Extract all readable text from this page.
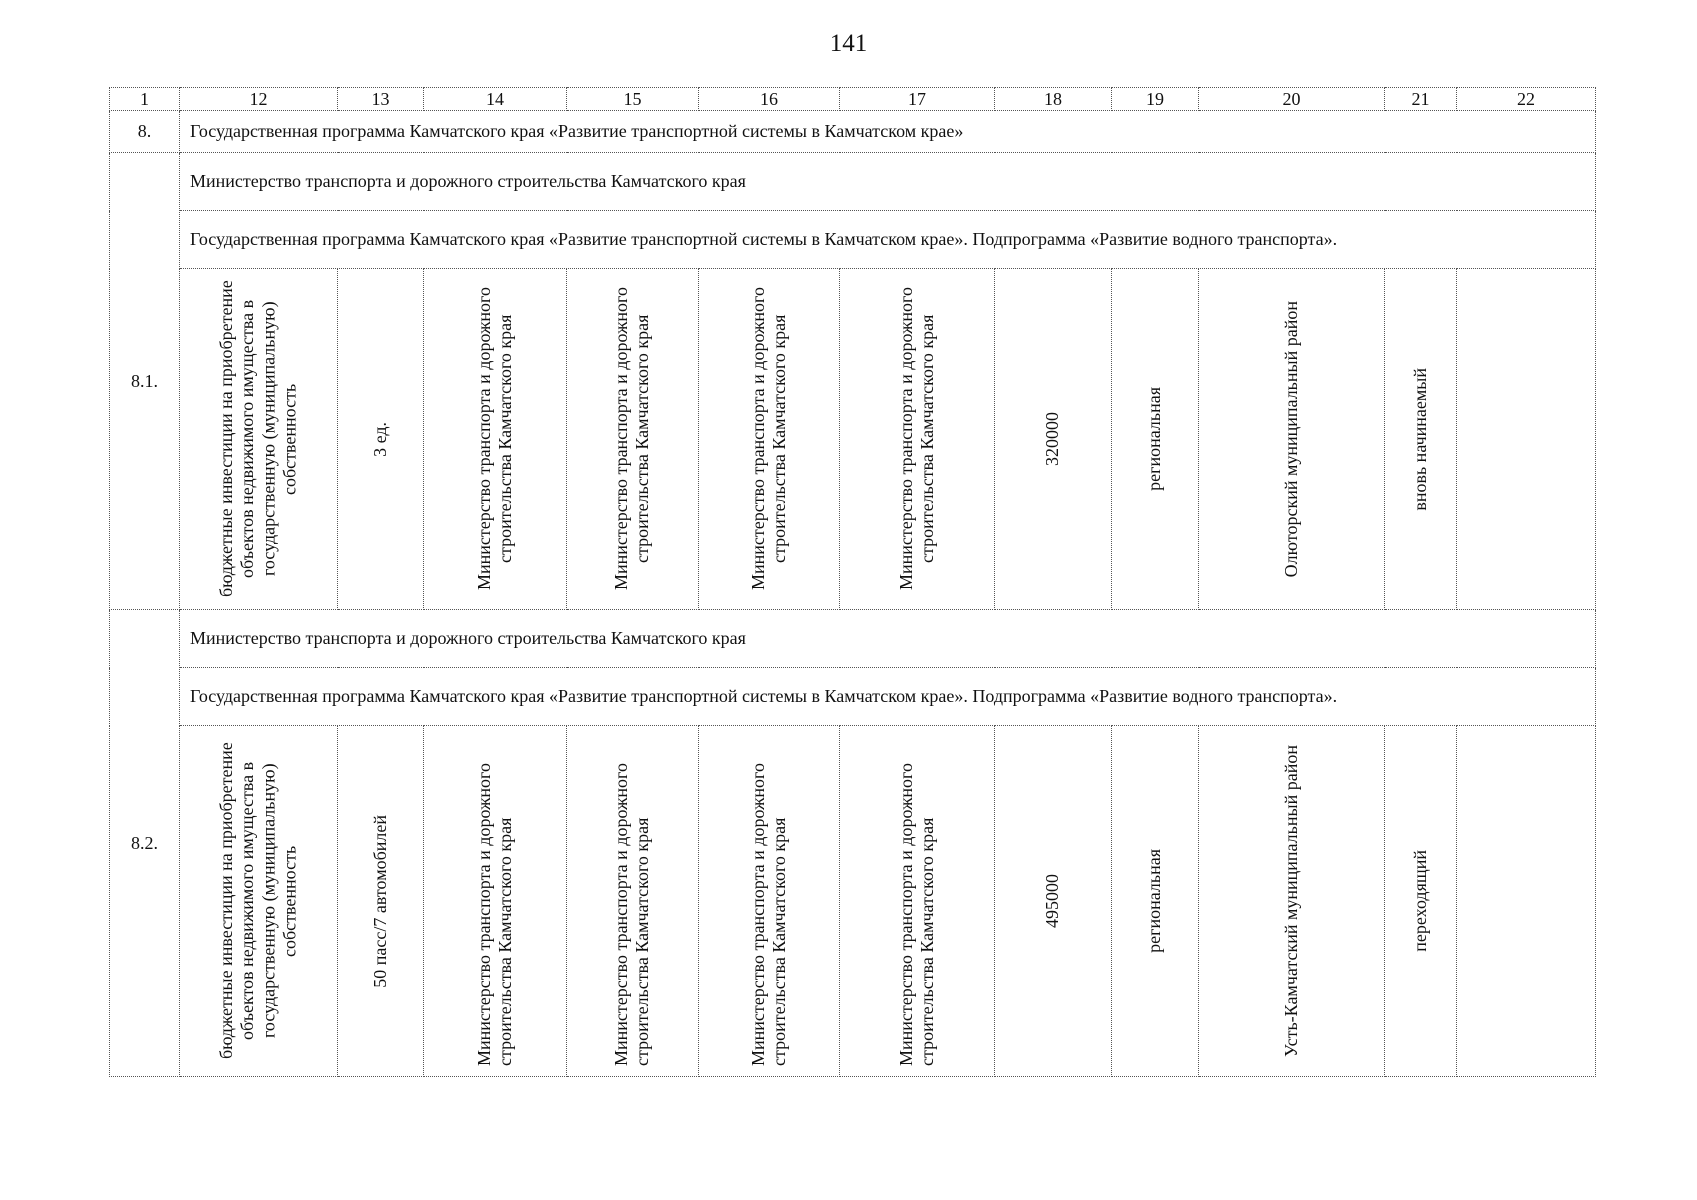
141
1	12	13	14	15	16	17	18	19	20	21	22
8.	Государственная программа Камчатского края «Развитие транспортной системы в Камчатском крае»										
8.1.	Министерство транспорта и дорожного строительства Камчатского края										
	Государственная программа Камчатского края «Развитие транспортной системы в Камчатском крае». Подпрограмма «Развитие водного транспорта».										

	бюджетные инвестиции на приобретение объектов недвижимого имущества в государственную (муниципальную) собственность	3 ед.	Министерство транспорта и дорожного строительства Камчатского края	Министерство транспорта и дорожного строительства Камчатского края	Министерство транспорта и дорожного строительства Камчатского края	Министерство транспорта и дорожного строительства Камчатского края	320000	региональная	Олюторский муниципальный район	вновь начинаемый	

8.2.	Министерство транспорта и дорожного строительства Камчатского края										
	Государственная программа Камчатского края «Развитие транспортной системы в Камчатском крае». Подпрограмма «Развитие водного транспорта».										

	бюджетные инвестиции на приобретение объектов недвижимого имущества в государственную (муниципальную) собственность	50 пасс/7 автомобилей	Министерство транспорта и дорожного строительства Камчатского края	Министерство транспорта и дорожного строительства Камчатского края	Министерство транспорта и дорожного строительства Камчатского края	Министерство транспорта и дорожного строительства Камчатского края	495000	региональная	Усть-Камчатский муниципальный район	переходящий	
